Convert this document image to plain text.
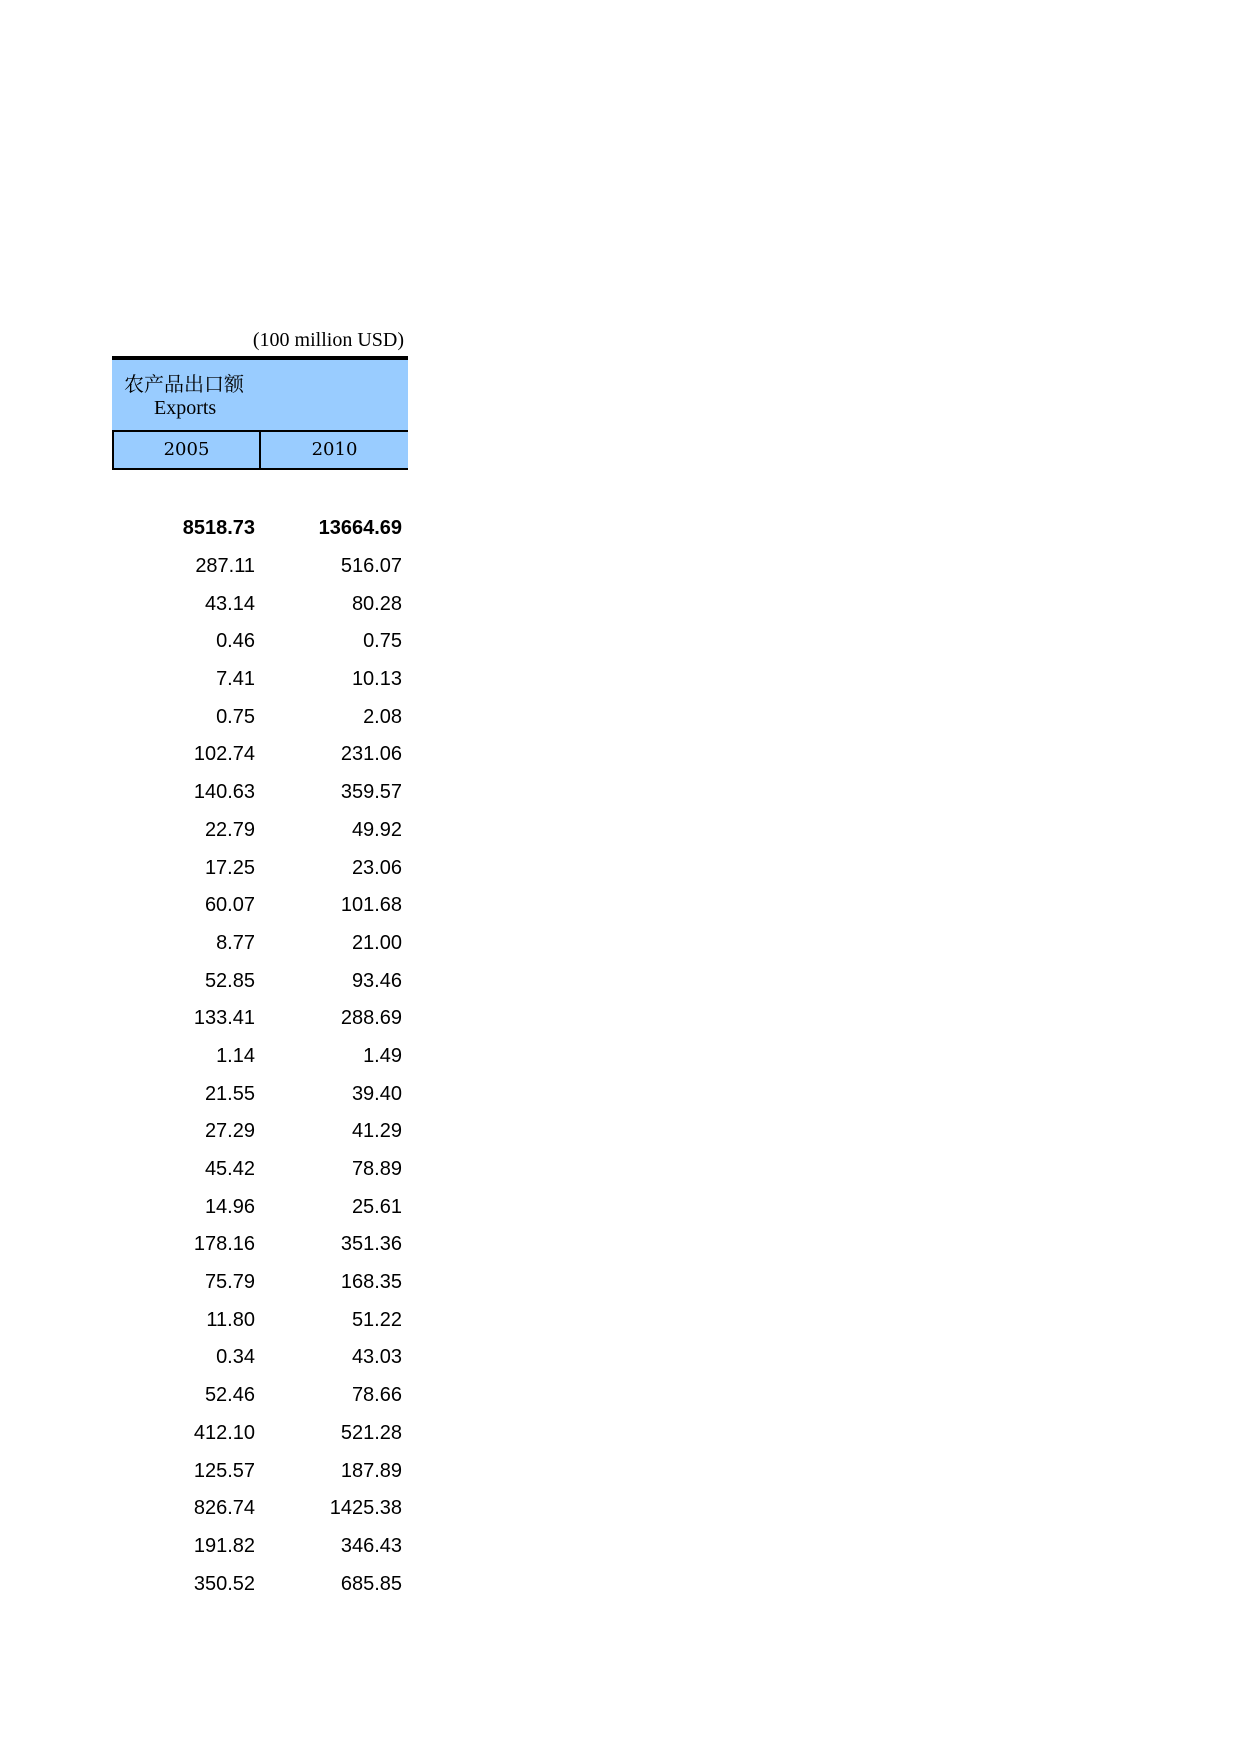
(100 million USD)
农产品出口额
Exports
2005	2010
8518.73	13664.69
287.11	516.07
43.14	80.28
0.46	0.75
7.41	10.13
0.75	2.08
102.74	231.06
140.63	359.57
22.79	49.92
17.25	23.06
60.07	101.68
8.77	21.00
52.85	93.46
133.41	288.69
1.14	1.49
21.55	39.40
27.29	41.29
45.42	78.89
14.96	25.61
178.16	351.36
75.79	168.35
11.80	51.22
0.34	43.03
52.46	78.66
412.10	521.28
125.57	187.89
826.74	1425.38
191.82	346.43
350.52	685.85
